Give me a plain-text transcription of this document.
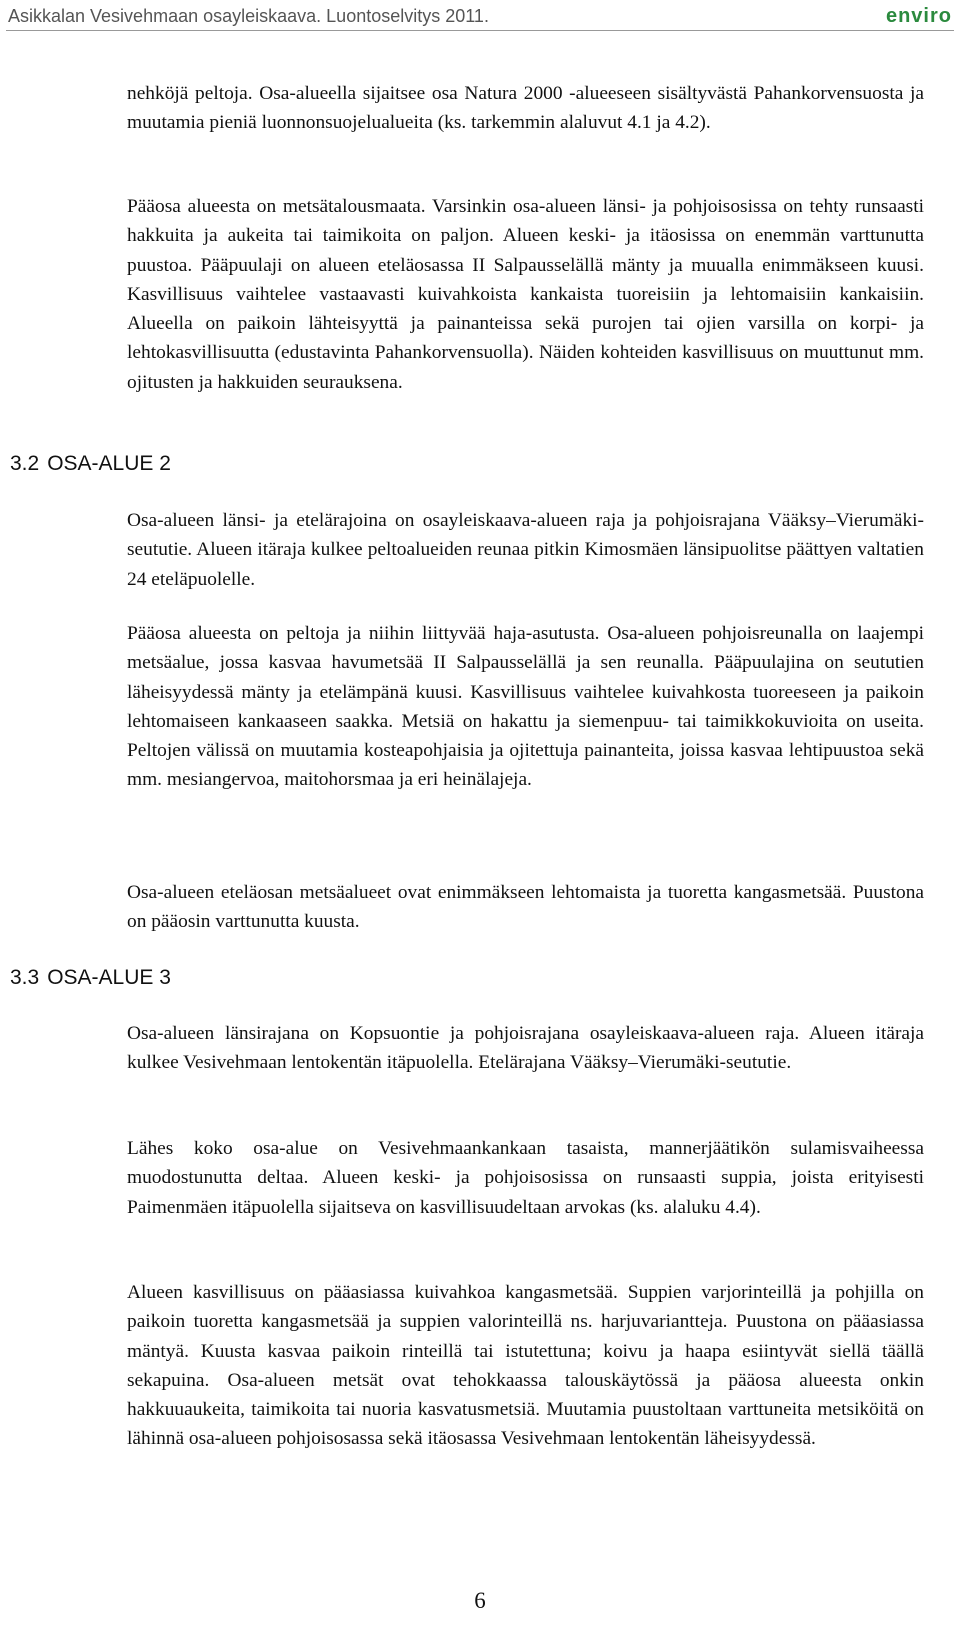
Asikkalan Vesivehmaan osayleiskaava. Luontoselvitys 2011.	enviro

nehköjä peltoja. Osa-alueella sijaitsee osa Natura 2000 -alueeseen sisältyvästä Pahankorvensuosta ja muutamia pieniä luonnonsuojelualueita (ks. tarkemmin alaluvut 4.1 ja 4.2).

Pääosa alueesta on metsätalousmaata. Varsinkin osa-alueen länsi- ja pohjoisosissa on tehty runsaasti hakkuita ja aukeita tai taimikoita on paljon. Alueen keski- ja itäosissa on enemmän varttunutta puustoa. Pääpuulaji on alueen eteläosassa II Salpausselällä mänty ja muualla enimmäkseen kuusi. Kasvillisuus vaihtelee vastaavasti kuivahkoista kankaista tuoreisiin ja lehtomaisiin kankaisiin. Alueella on paikoin lähteisyyttä ja painanteissa sekä purojen tai ojien varsilla on korpi- ja lehtokasvillisuutta (edustavinta Pahankorvensuolla). Näiden kohteiden kasvillisuus on muuttunut mm. ojitusten ja hakkuiden seurauksena.

3.2 OSA-ALUE 2

Osa-alueen länsi- ja etelärajoina on osayleiskaava-alueen raja ja pohjoisrajana Vääksy–Vierumäki-seututie. Alueen itäraja kulkee peltoalueiden reunaa pitkin Kimosmäen länsipuolitse päättyen valtatien 24 eteläpuolelle.

Pääosa alueesta on peltoja ja niihin liittyvää haja-asutusta. Osa-alueen pohjoisreunalla on laajempi metsäalue, jossa kasvaa havumetsää II Salpausselällä ja sen reunalla. Pääpuulajina on seututien läheisyydessä mänty ja etelämpänä kuusi. Kasvillisuus vaihtelee kuivahkosta tuoreeseen ja paikoin lehtomaiseen kankaaseen saakka. Metsiä on hakattu ja siemenpuu- tai taimikkokuvioita on useita. Peltojen välissä on muutamia kosteapohjaisia ja ojitettuja painanteita, joissa kasvaa lehtipuustoa sekä mm. mesiangervoa, maitohorsmaa ja eri heinälajeja.

Osa-alueen eteläosan metsäalueet ovat enimmäkseen lehtomaista ja tuoretta kangasmetsää. Puustona on pääosin varttunutta kuusta.

3.3 OSA-ALUE 3

Osa-alueen länsirajana on Kopsuontie ja pohjoisrajana osayleiskaava-alueen raja. Alueen itäraja kulkee Vesivehmaan lentokentän itäpuolella. Etelärajana Vääksy–Vierumäki-seututie.

Lähes koko osa-alue on Vesivehmaankankaan tasaista, mannerjäätikön sulamisvaiheessa muodostunutta deltaa. Alueen keski- ja pohjoisosissa on runsaasti suppia, joista erityisesti Paimenmäen itäpuolella sijaitseva on kasvillisuudeltaan arvokas (ks. alaluku 4.4).

Alueen kasvillisuus on pääasiassa kuivahkoa kangasmetsää. Suppien varjorinteillä ja pohjilla on paikoin tuoretta kangasmetsää ja suppien valorinteillä ns. harjuvariantteja. Puustona on pääasiassa mäntyä. Kuusta kasvaa paikoin rinteillä tai istutettuna; koivu ja haapa esiintyvät siellä täällä sekapuina. Osa-alueen metsät ovat tehokkaassa talouskäytössä ja pääosa alueesta onkin hakkuuaukeita, taimikoita tai nuoria kasvatusmetsiä. Muutamia puustoltaan varttuneita metsiköitä on lähinnä osa-alueen pohjoisosassa sekä itäosassa Vesivehmaan lentokentän läheisyydessä.

6
